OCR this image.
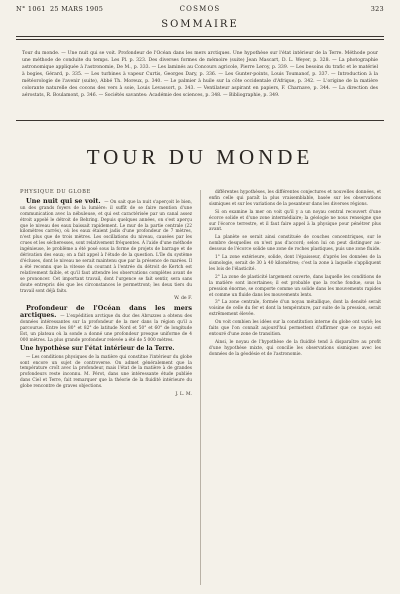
N° 1061 25 MARS 1905	COSMOS	323
SOMMAIRE
Tour du monde. — Une nuit qui se voit. Profondeur de l'Océan dans les mers arctiques. Une hypothèse sur l'état intérieur de la Terre. Méthode pour une méthode de conduite du temps. Les Pl. p. 323. Des diverses formes de mémoire (suite) Jean Mascart, D. L. Weyer, p. 328. — La photographie astronomique appliquée à l'astronomie, De M., p. 333. — Les laminés au Concours agricole, Pierre Leroy, p. 339. — Les besoins du trafic et le matériel à bogies, Gérard, p. 335. — Les turbines à vapeur Curtis, Georges Dary, p. 336. — Les Gunter-points, Louis Toumanof, p. 337. — Introduction à la météorologie de l'avenir (suite), Abbé Th. Moreux, p. 340. — Le palmier à huile sur la côte occidentale d'Afrique, p. 342. — L'origine de la matière colorante naturelle des cocons des vers à soie, Louis Levassort, p. 343. — Ventilateur aspirant en papiers, F. Charnave, p. 344. — La direction des aérostats, R. Boulamont, p. 346. — Sociétés savantes: Académie des sciences, p. 348. — Bibliographie, p. 349.
TOUR DU MONDE
PHYSIQUE DU GLOBE

Une nuit qui se voit. — On sait que la nuit s'aperçoit le bien, un des grands foyers de la lumière: il suffit de se faire mention d'une communication avec la nébuleuse, et qui est caractérisée par un canal assez étroit appelé le détroit de Behring. Depuis quelques années, on s'est aperçu que le niveau des eaux baissait rapidement. Le mur de la partie centrale (22 kilomètres carrés), où les eaux étaient jadis d'une profondeur de 7 mètres, n'est plus que de trois mètres. Les oscillations du niveau, causées par les crues et les sécheresses, sont relativement fréquentes. À l'aide d'une méthode ingénieuse, le problème a été posé sous la forme de projets de barrage et de dérivation des eaux; on a fait appel à l'étude de la question. L'île du système d'écluses, dont le niveau ne serait maintenu que par la présence de marées. Il a été reconnu que la vitesse du courant à l'entrée du détroit de Kertch est relativement faible, et qu'il faut attendre les observations complètes avant de se prononcer. Cet important travail, dont l'urgence se fait sentir, sera sans doute entrepris dès que les circonstances le permettront; les deux tiers du travail sont déjà faits.

W. de F.

Profondeur de l'Océan dans les mers arctiques. — L'expédition arctique du duc des Abruzzes a obtenu des données intéressantes sur la profondeur de la mer dans la région qu'il a parcourue. Entre les 80° et 82° de latitude Nord et 50° et 60° de longitude Est, un plateau où la sonde a donné une profondeur presque uniforme de 4 000 mètres. La plus grande profondeur relevée a été de 5 000 mètres.

Une hypothèse sur l'état intérieur de la Terre.

— Les conditions physiques de la matière qui constitue l'intérieur du globe sont encore un sujet de controverse. On admet généralement que la température croît avec la profondeur, mais l'état de la matière à de grandes profondeurs reste inconnu. M. Pérot, dans une intéressante étude publiée dans Ciel et Terre, fait remarquer que la théorie de la fluidité intérieure du globe rencontre de graves objections.

J. L. M.

différentes hypothèses, les différentes conjectures et nouvelles données, et enfin celle qui paraît la plus vraisemblable, basée sur les observations sismiques et sur les variations de la pesanteur dans les diverses régions.

Si on examine la mer on voit qu'il y a un noyau central recouvert d'une écorce solide et d'une zone intermédiaire; la géologie ne nous renseigne que sur l'écorce terrestre, et il faut faire appel à la physique pour pénétrer plus avant.

La planète se serait ainsi constituée de couches concentriques, sur le nombre desquelles on n'est pas d'accord; selon lui on peut distinguer au-dessous de l'écorce solide une zone de roches plastiques, puis une zone fluide.

1° La zone extérieure, solide, dont l'épaisseur, d'après les données de la sismologie, serait de 30 à 40 kilomètres; c'est la zone à laquelle s'appliquent les lois de l'élasticité.

2° La zone de plasticité largement ouverte, dans laquelle les conditions de la matière sont incertaines; il est probable que la roche fondue, sous la pression énorme, se comporte comme un solide dans les mouvements rapides et comme un fluide dans les mouvements lents.

3° La zone centrale, formée d'un noyau métallique, dont la densité serait voisine de celle du fer et dont la température, par suite de la pression, serait extrêmement élevée.

On voit combien les idées sur la constitution interne du globe ont varié; les faits que l'on connaît aujourd'hui permettent d'affirmer que ce noyau est entouré d'une zone de transition.

Ainsi, le noyau de l'hypothèse de la fluidité tend à disparaître au profit d'une hypothèse mixte, qui concilie les observations sismiques avec les données de la géodésie et de l'astronomie.
